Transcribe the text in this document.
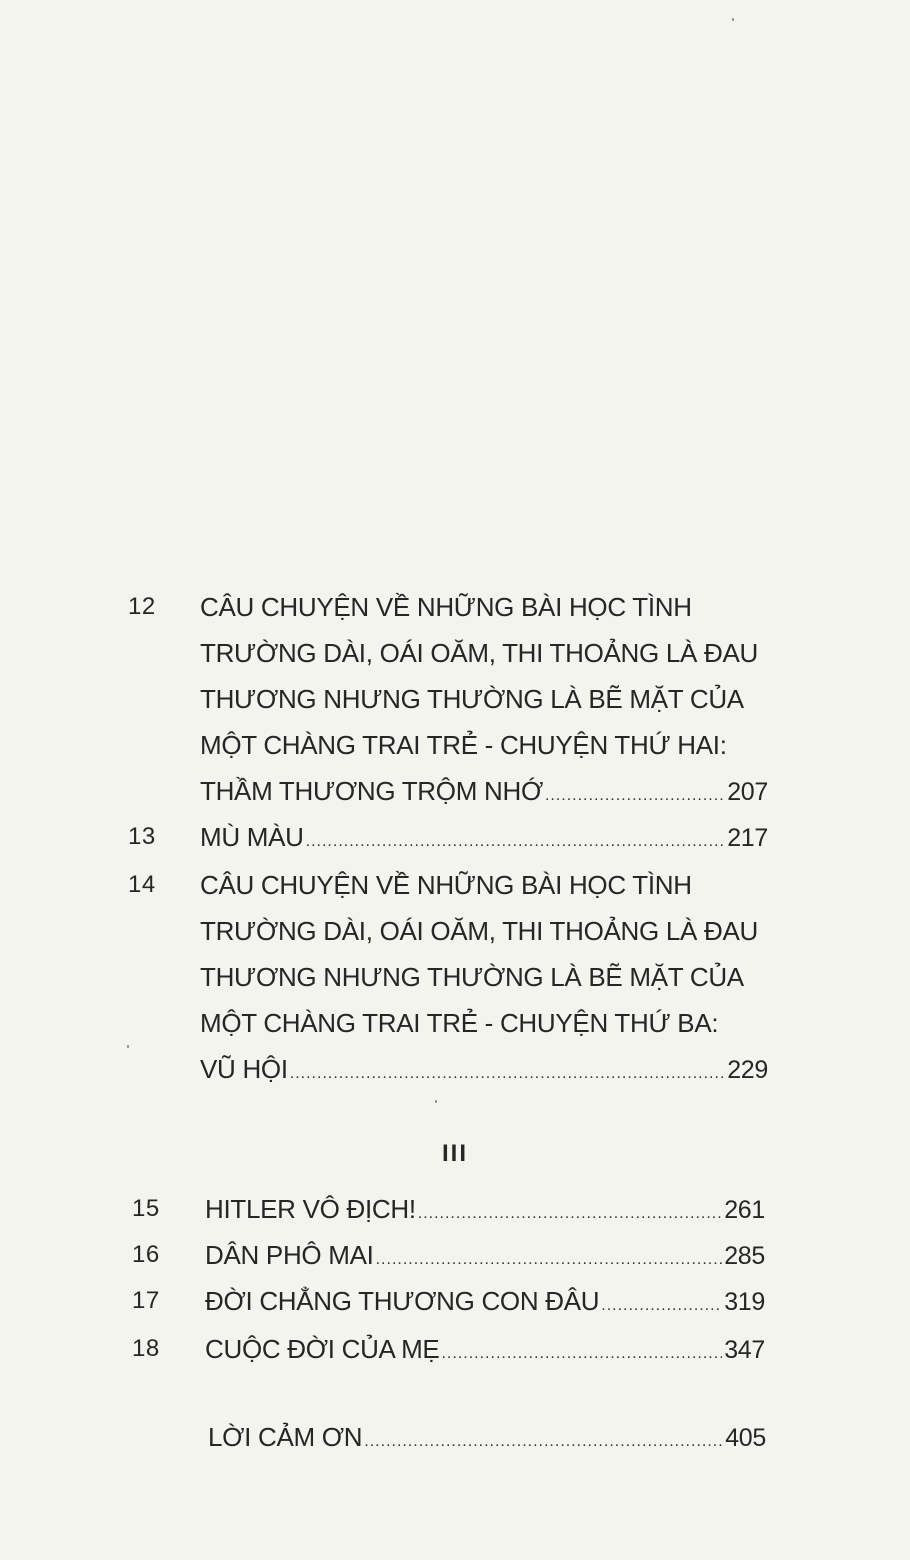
12 CÂU CHUYỆN VỀ NHỮNG BÀI HỌC TÌNH
TRƯỜNG DÀI, OÁI OĂM, THI THOẢNG LÀ ĐAU
THƯƠNG NHƯNG THƯỜNG LÀ BẼ MẶT CỦA
MỘT CHÀNG TRAI TRẺ - CHUYỆN THỨ HAI:
THẦM THƯƠNG TRỘM NHỚ .....	207
13 MÙ MÀU .....	217
14 CÂU CHUYỆN VỀ NHỮNG BÀI HỌC TÌNH
TRƯỜNG DÀI, OÁI OĂM, THI THOẢNG LÀ ĐAU
THƯƠNG NHƯNG THƯỜNG LÀ BẼ MẶT CỦA
MỘT CHÀNG TRAI TRẺ - CHUYỆN THỨ BA:
VŨ HỘI .....	229
III
15 HITLER VÔ ĐỊCH! .....	261
16 DÂN PHÔ MAI .....	285
17 ĐỜI CHẲNG THƯƠNG CON ĐÂU .....	319
18 CUỘC ĐỜI CỦA MẸ .....	347
LỜI CẢM ƠN .....	405
